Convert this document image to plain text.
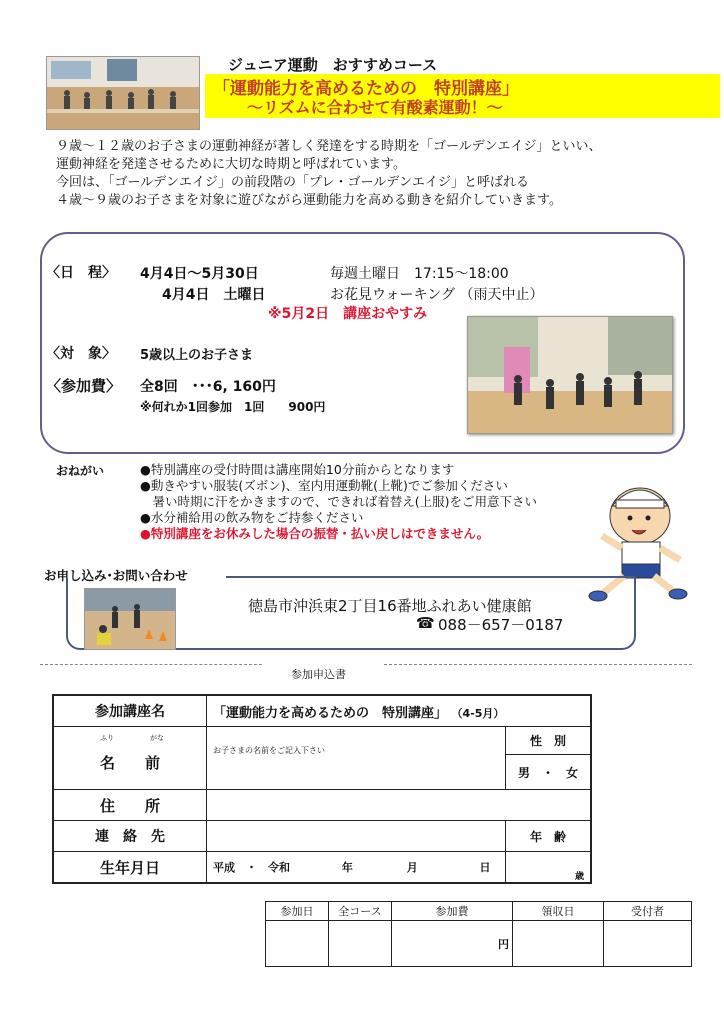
ジュニア運動　おすすめコース
「運動能力を高めるための　特別講座」
～リズムに合わせて有酸素運動！～
９歳～１２歳のお子さまの運動神経が著しく発達をする時期を「ゴールデンエイジ」といい、
運動神経を発達させるために大切な時期と呼ばれています。
今回は、「ゴールデンエイジ」の前段階の「プレ・ゴールデンエイジ」と呼ばれる
４歳～９歳のお子さまを対象に遊びながら運動能力を高める動きを紹介していきます。
〈日　程〉 4月4日～5月30日	毎週土曜日　17:15～18:00
4月4日　土曜日	お花見ウォーキング （雨天中止）
※5月2日　講座おやすみ
〈対　象〉 5歳以上のお子さま
〈参加費〉 全8回　･･･6, 160円
※何れか1回参加　1回　　900円
おねがい	●特別講座の受付時間は講座開始10分前からとなります
●動きやすい服装(ズボン)、室内用運動靴(上靴)でご参加ください
　暑い時期に汗をかきますので、できれば着替え(上服)をご用意下さい
●水分補給用の飲み物をご持参ください
●特別講座をお休みした場合の振替・払い戻しはできません。
お申し込み･お問い合わせ
徳島市沖浜東2丁目16番地ふれあい健康館
☎ 088－657－0187
参加申込書
参加講座名	「運動能力を高めるための　特別講座」 （4-5月）	

ふり がな
名　　前	お子さまの名前をご記入下さい	性　別
		男　・　女
住　　所		
連　絡　先		年　齢
生年月日	平成　・　令和 年 月 日	歳
参加日	全コース	参加費	領収日	受付者
		円		
